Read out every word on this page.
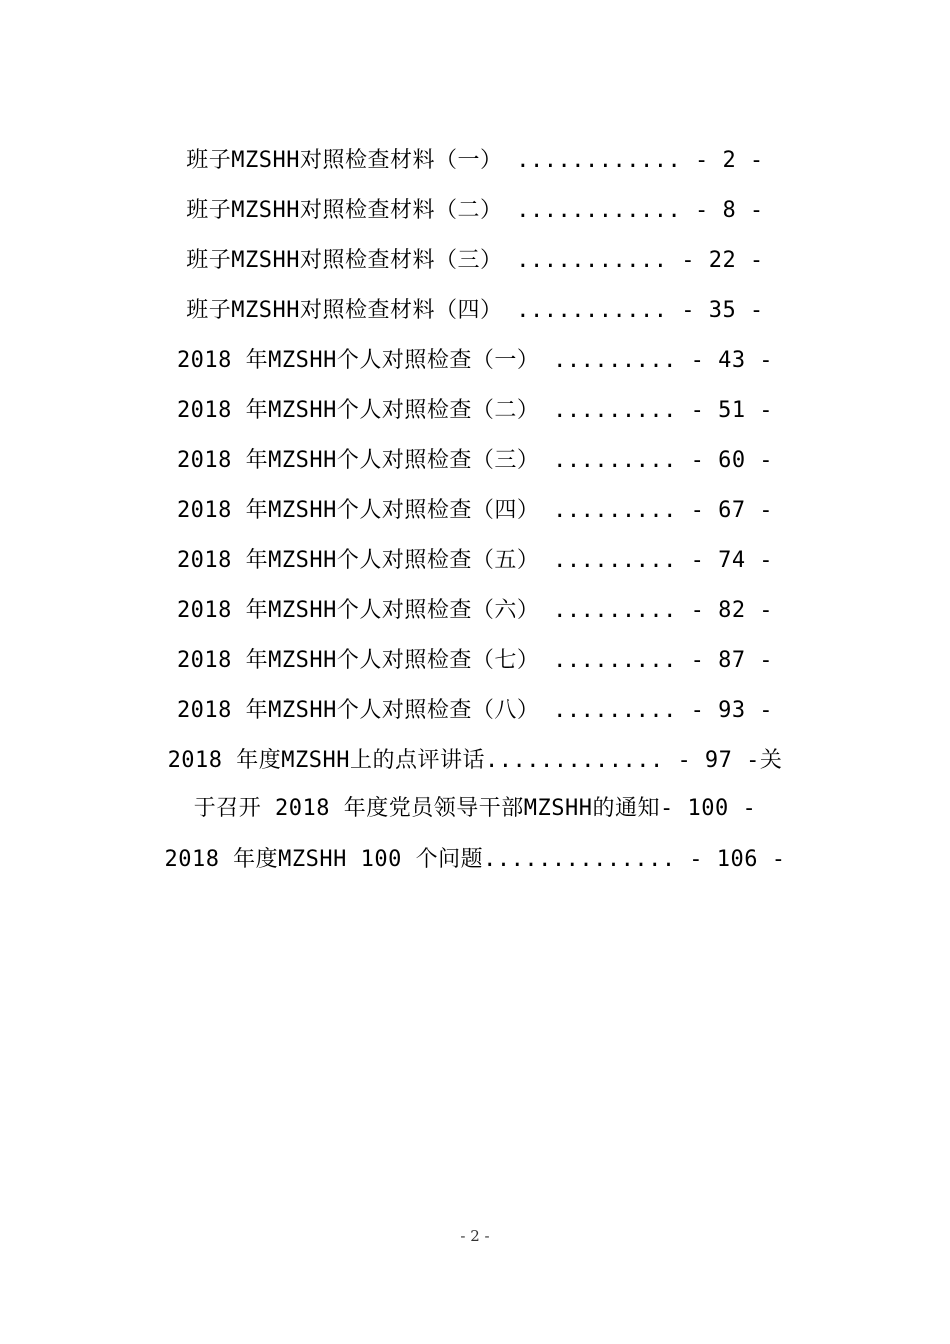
班子MZSHH对照检查材料（一） ............ - 2 -
班子MZSHH对照检查材料（二） ............ - 8 -
班子MZSHH对照检查材料（三） ........... - 22 -
班子MZSHH对照检查材料（四） ........... - 35 -
2018 年MZSHH个人对照检查（一） ......... - 43 -
2018 年MZSHH个人对照检查（二） ......... - 51 -
2018 年MZSHH个人对照检查（三） ......... - 60 -
2018 年MZSHH个人对照检查（四） ......... - 67 -
2018 年MZSHH个人对照检查（五） ......... - 74 -
2018 年MZSHH个人对照检查（六） ......... - 82 -
2018 年MZSHH个人对照检查（七） ......... - 87 -
2018 年MZSHH个人对照检查（八） ......... - 93 -
2018 年度MZSHH上的点评讲话............. - 97 -关
于召开 2018 年度党员领导干部MZSHH的通知- 100 -
2018 年度MZSHH 100 个问题.............. - 106 -
- 2 -
